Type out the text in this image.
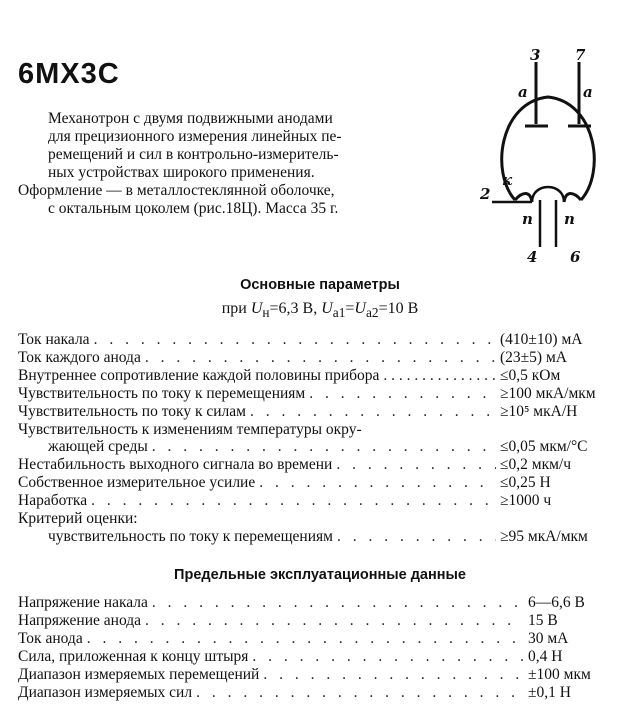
6МХ3С

Механотрон с двумя подвижными анодами

для прецизионного измерения линейных пе-

ремещений и сил в контрольно-измеритель-

ных устройствах широкого применения.

Оформление — в металлостеклянной оболочке,

с октальным цоколем (рис.18Ц). Масса 35 г.

3 7
а	а
к
2
п п
4 6
Основные параметры
при $U_н=6,3$ В, $U_{а1}=U_{а2}=10$ В
Ток накала . . .	(410±10) мА
Ток каждого анода . . .	(23±5) мА
Внутреннее сопротивление каждой половины прибора . . .	≤0,5 кОм
Чувствительность по току к перемещениям . . .	≥100 мкА/мкм
Чувствительность по току к силам . . .	≥10⁵ мкА/Н
Чувствительность к изменениям температуры окру-
жающей среды . . .	≤0,05 мкм/°С
Нестабильность выходного сигнала во времени . . .	≤0,2 мкм/ч
Собственное измерительное усилие . . .	≤0,25 Н
Наработка . . .	≥1000 ч
Критерий оценки:
чувствительность по току к перемещениям . . .	≥95 мкА/мкм
Предельные эксплуатационные данные
Напряжение накала . . .	6—6,6 В
Напряжение анода . . .	15 В
Ток анода . . .	30 мА
Сила, приложенная к концу штыря . . .	0,4 Н
Диапазон измеряемых перемещений . . .	±100 мкм
Диапазон измеряемых сил . . .	±0,1 Н
